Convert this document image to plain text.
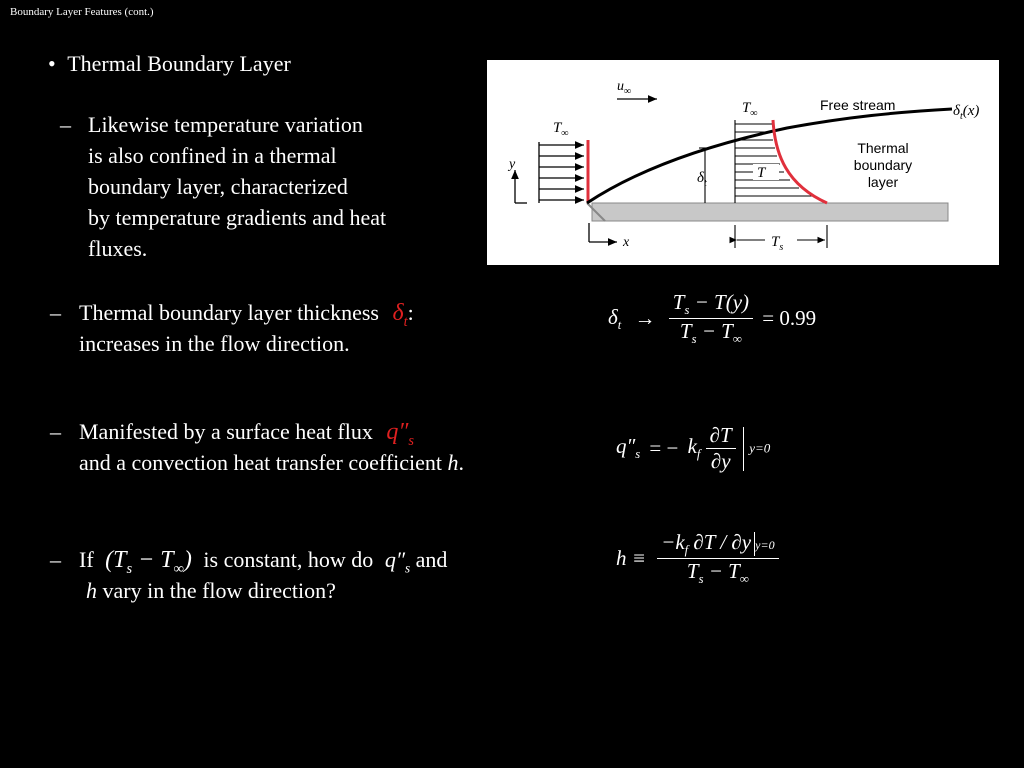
Boundary Layer Features (cont.)
• Thermal Boundary Layer
– Likewise temperature variation
is also confined in a thermal
boundary layer, characterized
by temperature gradients and heat
fluxes.
$T_\infty$
$u_\infty$
T
$T_\infty$
$\delta_t$
Free stream	$\delta_t(x)$
Thermal
boundary
layer
y
x	$T_s$
– Thermal boundary layer thickness $\delta_t$:
increases in the flow direction.
$\delta_t \to \frac{T_s - T(y)}{T_s - T_\infty} = 0.99$
– Manifested by a surface heat flux $q''_s$
and a convection heat transfer coefficient h.
$q''_s$ = − $k_f \frac{\partial T}{\partial y} y=0$
– If $(T_s - T_\infty)$ is constant, how do $q''_s$ and
h vary in the flow direction?
$h \equiv \frac{-k_f \partial T / \partial y y=0}{T_s - T_\infty}$
